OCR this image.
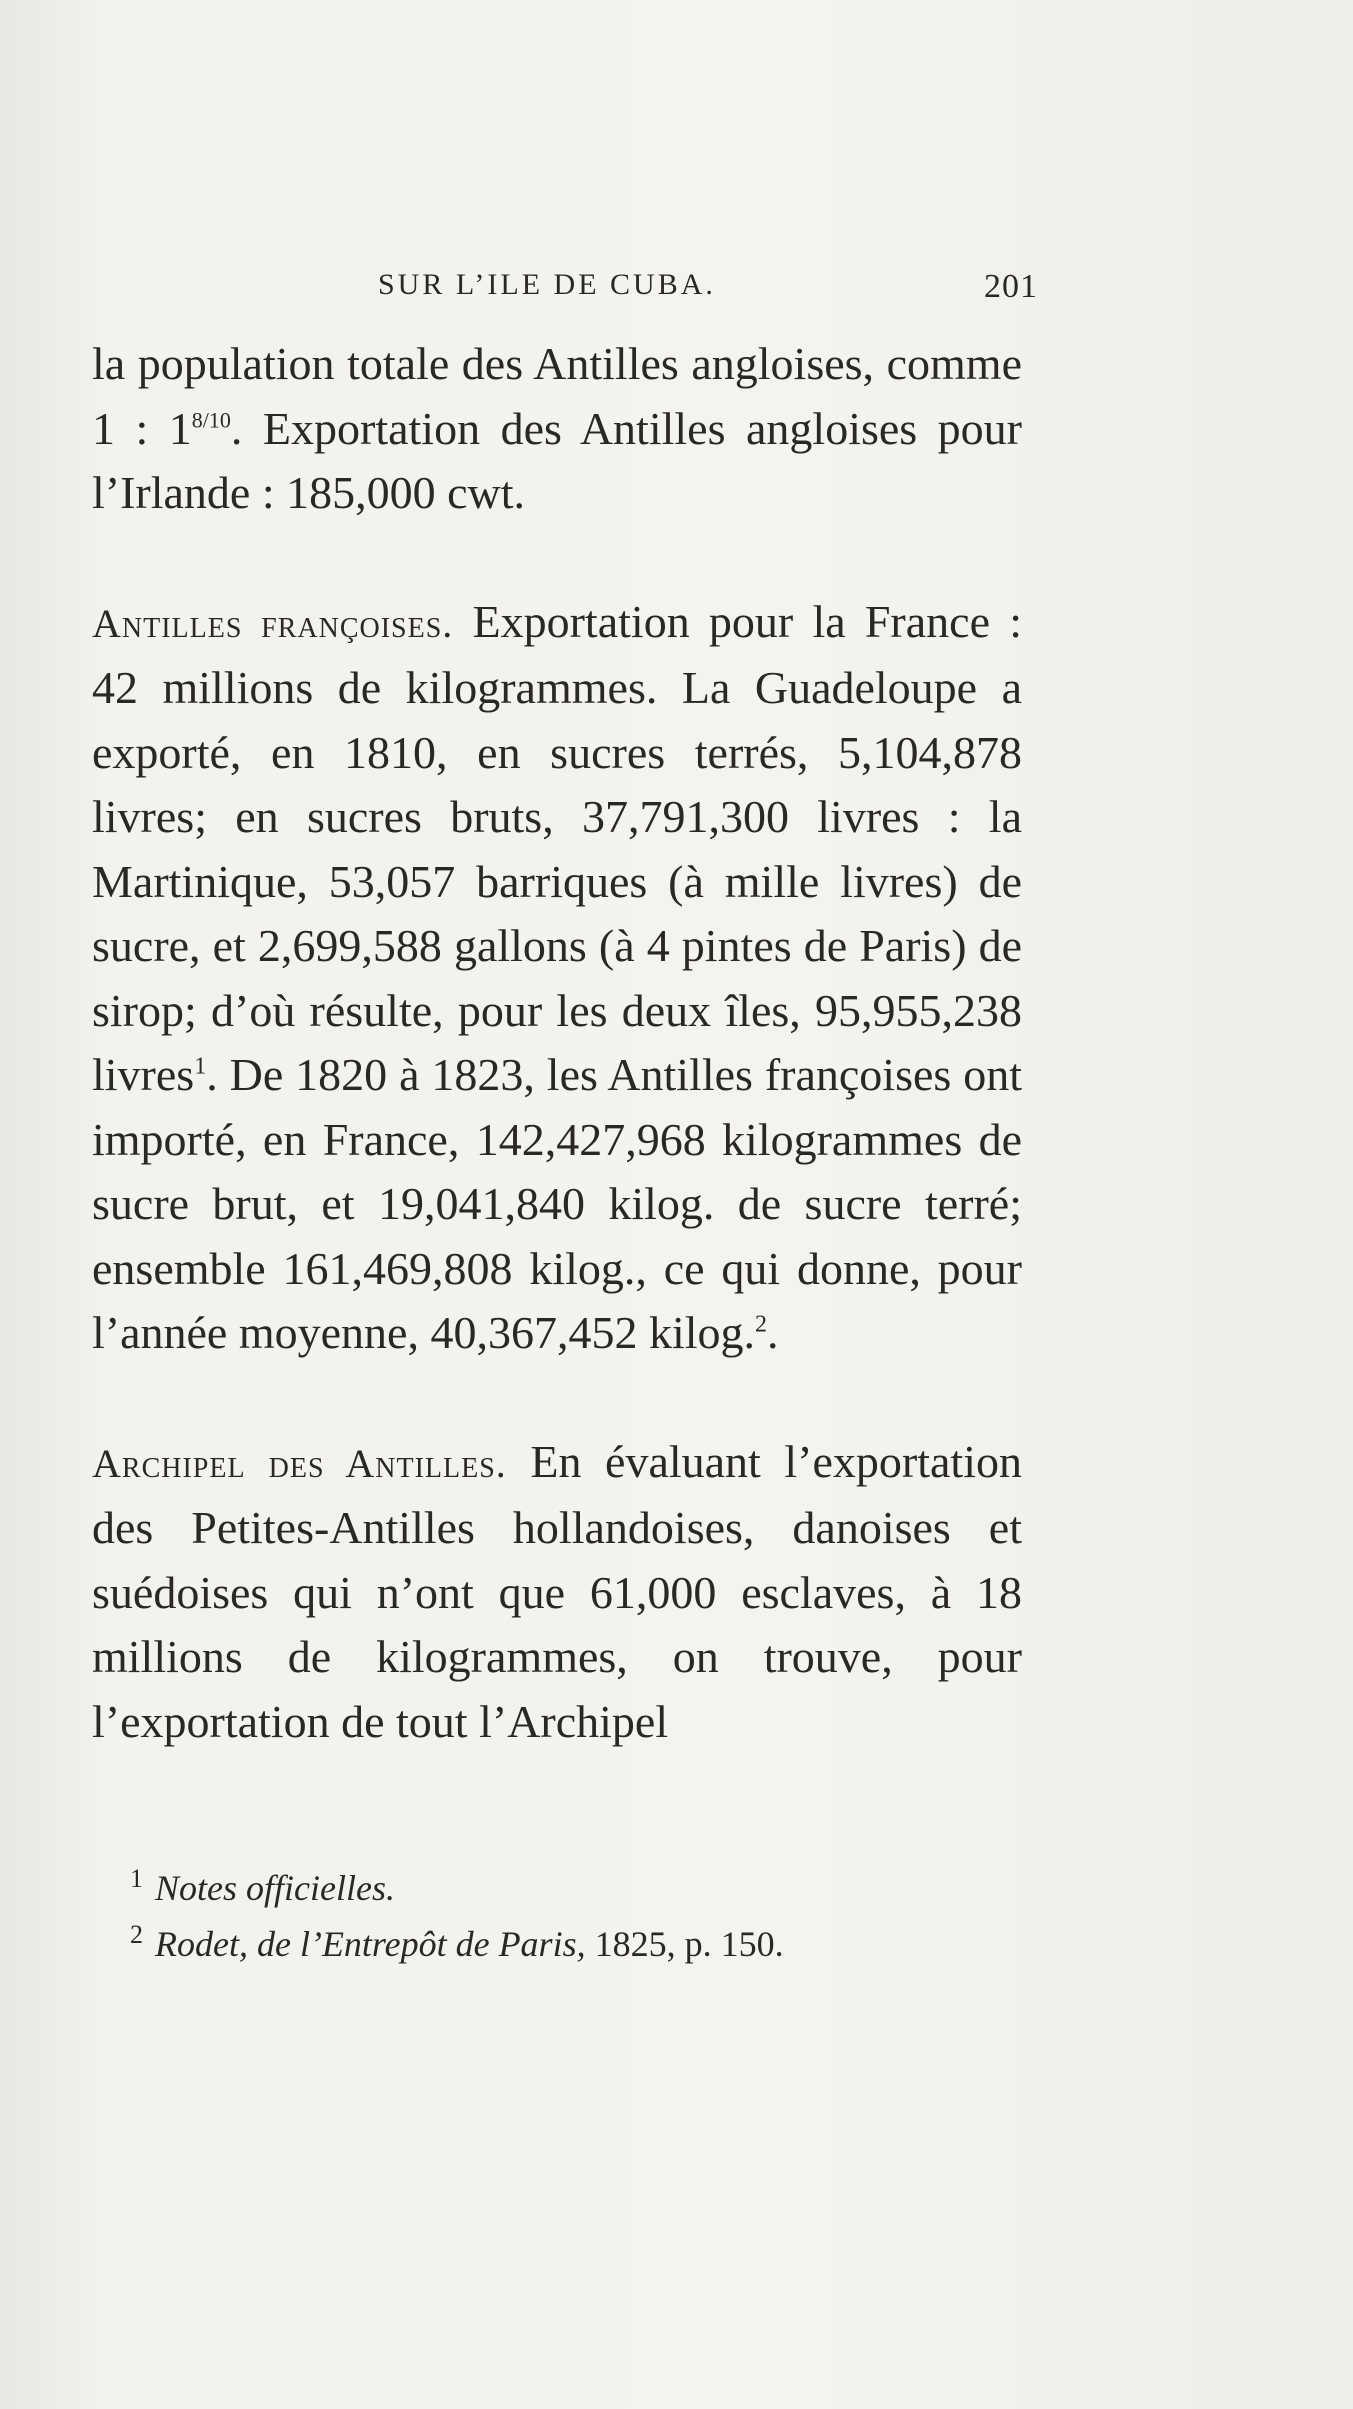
SUR L’ILE DE CUBA.	201

la population totale des Antilles angloises, comme 1 : $1^{8/10}$. Exportation des Antilles angloises pour l’Irlande : 185,000 cwt.

Antilles françoises. Exportation pour la France : 42 millions de kilogrammes. La Guadeloupe a exporté, en 1810, en sucres terrés, 5,104,878 livres; en sucres bruts, 37,791,300 livres : la Martinique, 53,057 barriques (à mille livres) de sucre, et 2,699,588 gallons (à 4 pintes de Paris) de sirop; d’où résulte, pour les deux îles, 95,955,238 livres$^1$. De 1820 à 1823, les Antilles françoises ont importé, en France, 142,427,968 kilogrammes de sucre brut, et 19,041,840 kilog. de sucre terré; ensemble 161,469,808 kilog., ce qui donne, pour l’année moyenne, 40,367,452 kilog.$^2$.

Archipel des Antilles. En évaluant l’exportation des Petites-Antilles hollandoises, danoises et suédoises qui n’ont que 61,000 esclaves, à 18 millions de kilogrammes, on trouve, pour l’exportation de tout l’Archipel

$^1$ Notes officielles.
$^2$ Rodet, de l’Entrepôt de Paris, 1825, p. 150.
